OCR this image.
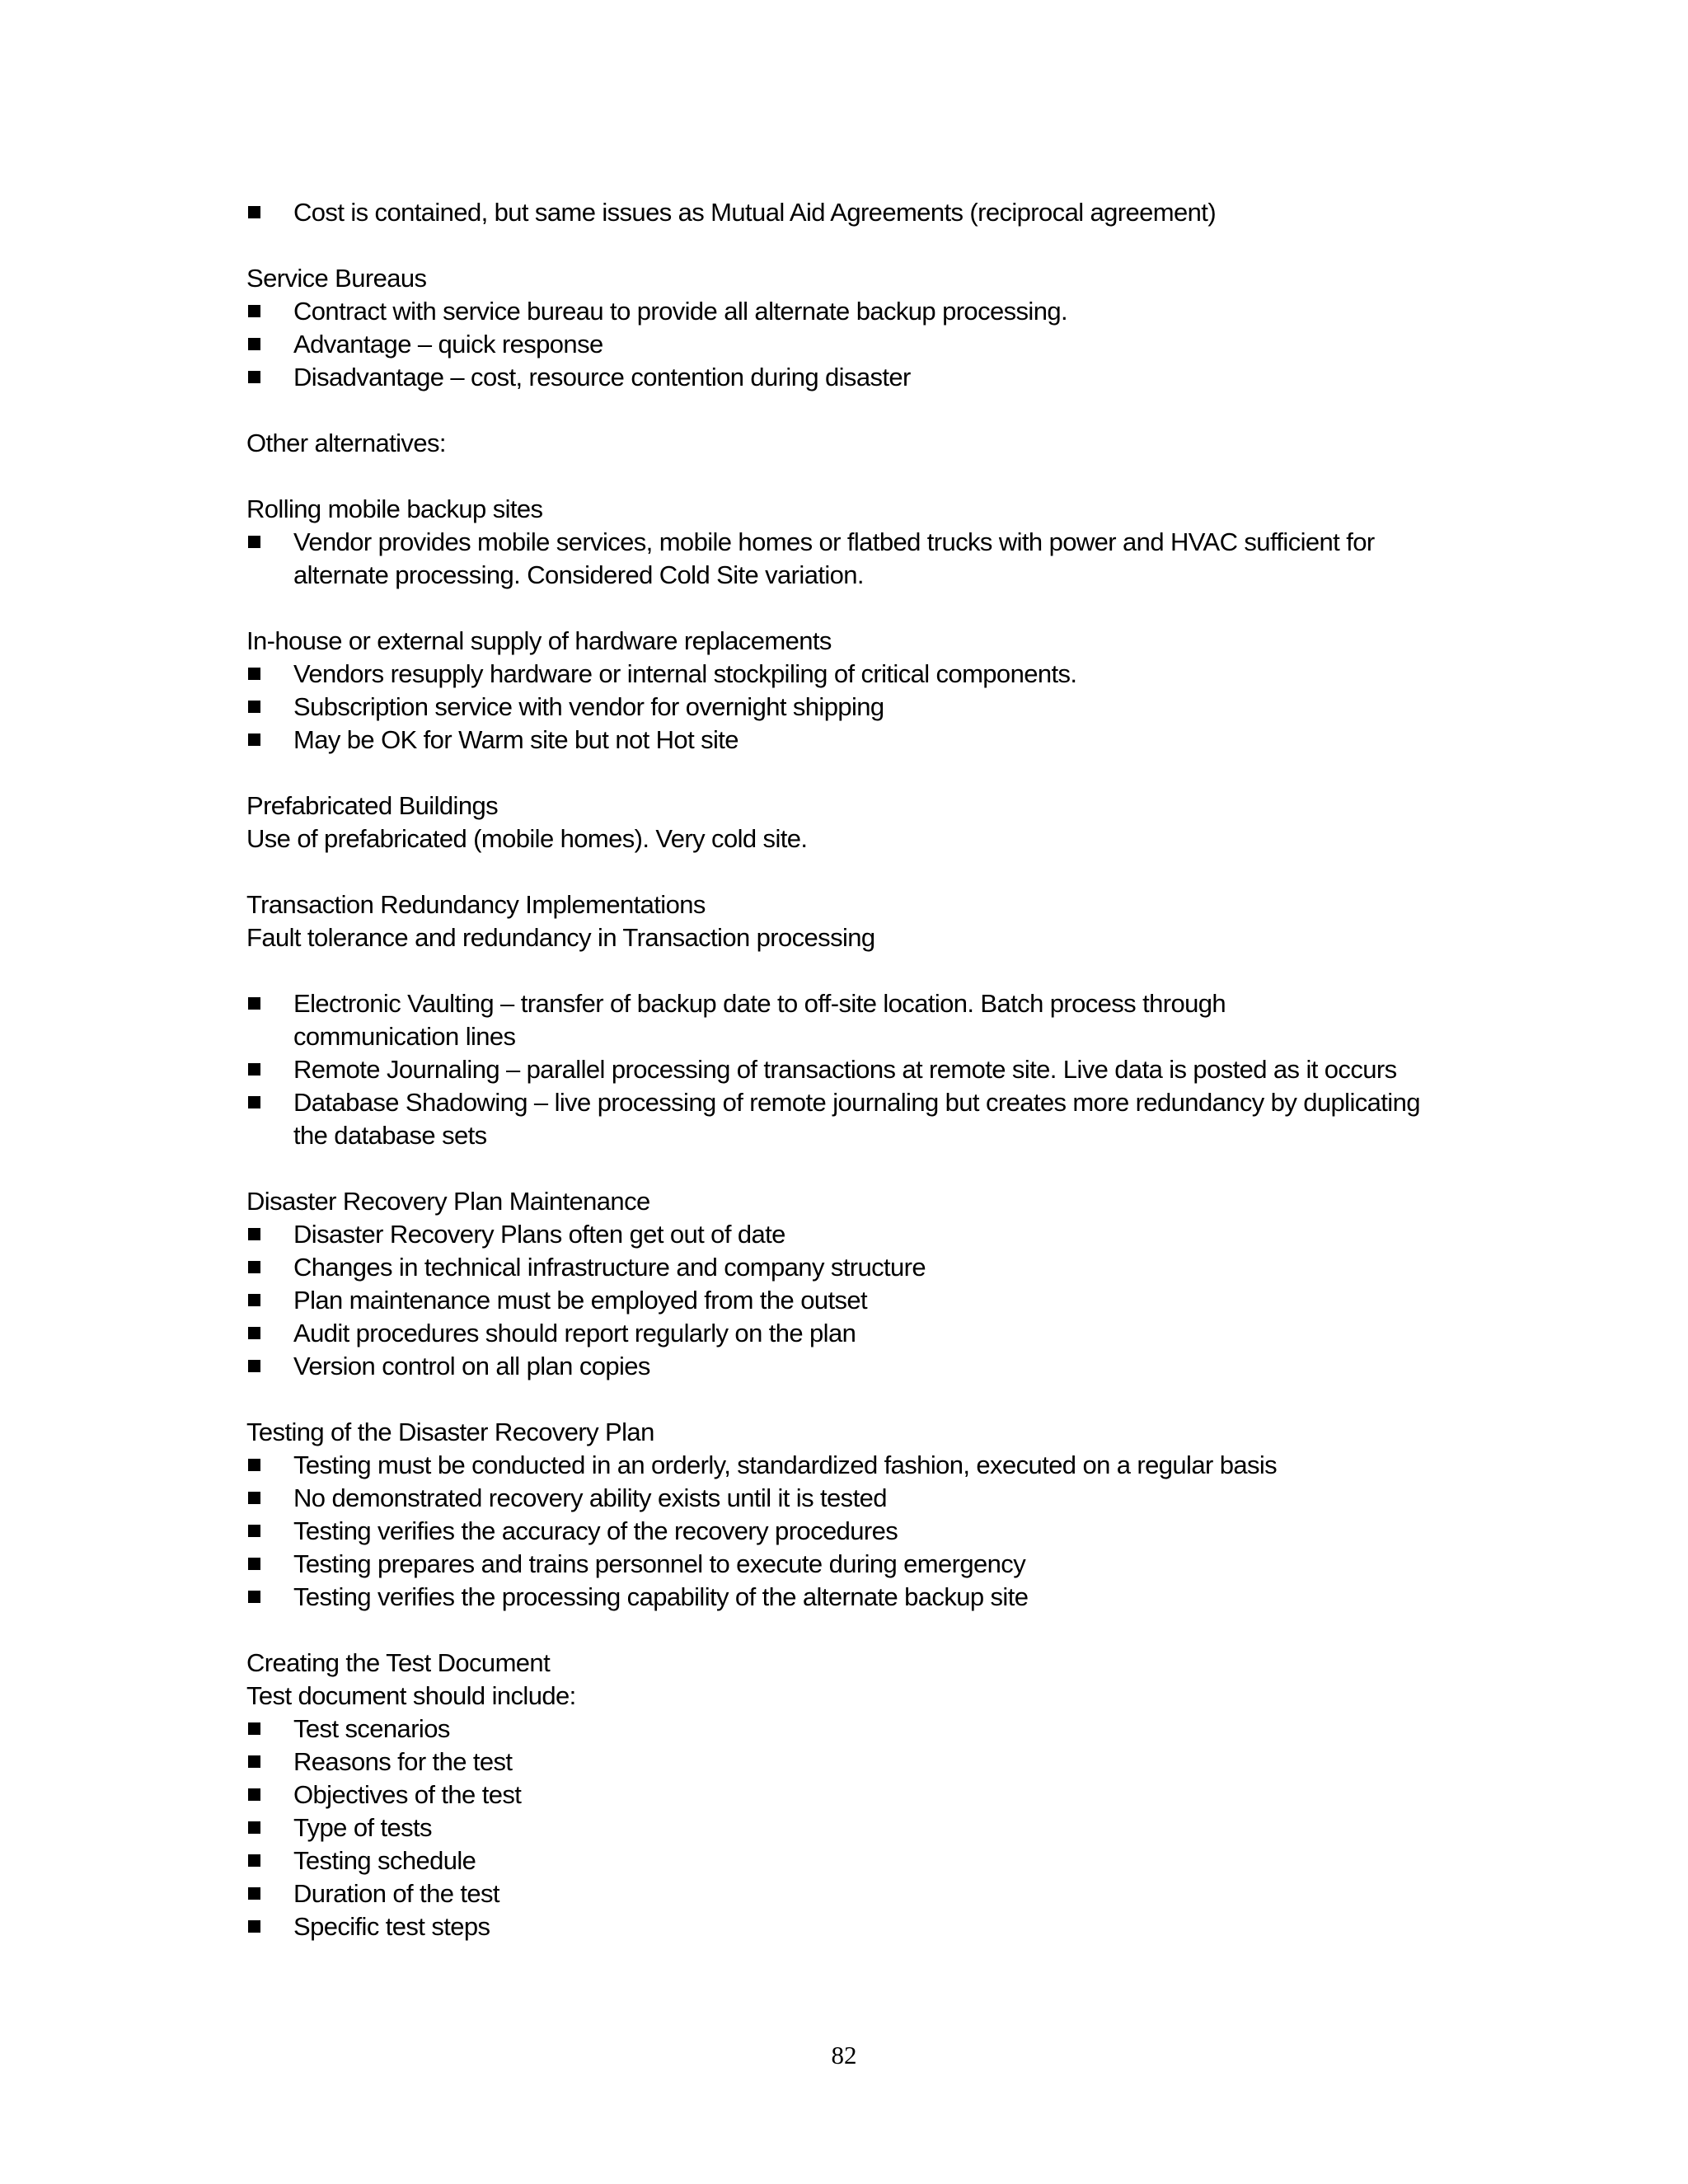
Cost is contained, but same issues as Mutual Aid Agreements (reciprocal agreement)
Service Bureaus
Contract with service bureau to provide all alternate backup processing.
Advantage – quick response
Disadvantage – cost, resource contention during disaster
Other alternatives:
Rolling mobile backup sites
Vendor provides mobile services, mobile homes or flatbed trucks with power and HVAC sufficient for alternate processing. Considered Cold Site variation.
In-house or external supply of hardware replacements
Vendors resupply hardware or internal stockpiling of critical components.
Subscription service with vendor for overnight shipping
May be OK for Warm site but not Hot site
Prefabricated Buildings
Use of prefabricated (mobile homes). Very cold site.
Transaction Redundancy Implementations
Fault tolerance and redundancy in Transaction processing
Electronic Vaulting – transfer of backup date to off-site location. Batch process through communication lines
Remote Journaling – parallel processing of transactions at remote site. Live data is posted as it occurs
Database Shadowing – live processing of remote journaling but creates more redundancy by duplicating the database sets
Disaster Recovery Plan Maintenance
Disaster Recovery Plans often get out of date
Changes in technical infrastructure and company structure
Plan maintenance must be employed from the outset
Audit procedures should report regularly on the plan
Version control on all plan copies
Testing of the Disaster Recovery Plan
Testing must be conducted in an orderly, standardized fashion, executed on a regular basis
No demonstrated recovery ability exists until it is tested
Testing verifies the accuracy of the recovery procedures
Testing prepares and trains personnel to execute during emergency
Testing verifies the processing capability of the alternate backup site
Creating the Test Document
Test document should include:
Test scenarios
Reasons for the test
Objectives of the test
Type of tests
Testing schedule
Duration of the test
Specific test steps
82
